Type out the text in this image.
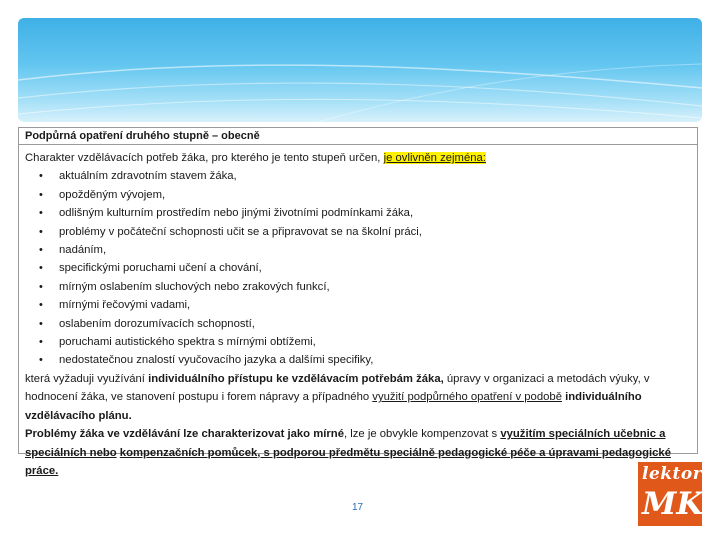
Podpůrná opatření druhého stupně – obecně
Charakter vzdělávacích potřeb žáka, pro kterého je tento stupeň určen, je ovlivněn zejména:
• aktuálním zdravotním stavem žáka,
• opožděným vývojem,
• odlišným kulturním prostředím nebo jinými životními podmínkami žáka,
• problémy v počáteční schopnosti učit se a připravovat se na školní práci,
• nadáním,
• specifickými poruchami učení a chování,
• mírným oslabením sluchových nebo zrakových funkcí,
• mírnými řečovými vadami,
• oslabením dorozumívacích schopností,
• poruchami autistického spektra s mírnými obtížemi,
• nedostatečnou znalostí vyučovacího jazyka a dalšími specifiky,

která vyžaduji využívání individuálního přístupu ke vzdělávacím potřebám žáka, úpravy v organizaci a metodách výuky, v hodnocení žáka, ve stanovení postupu i forem nápravy a případného využití podpůrného opatření v podobě individuálního vzdělávacího plánu.

Problémy žáka ve vzdělávání lze charakterizovat jako mírné, lze je obvykle kompenzovat s využitím speciálních učebnic a speciálních nebo kompenzačních pomůcek, s podporou předmětu speciálně pedagogické péče a úpravami pedagogické práce.

17
lektor
MK
